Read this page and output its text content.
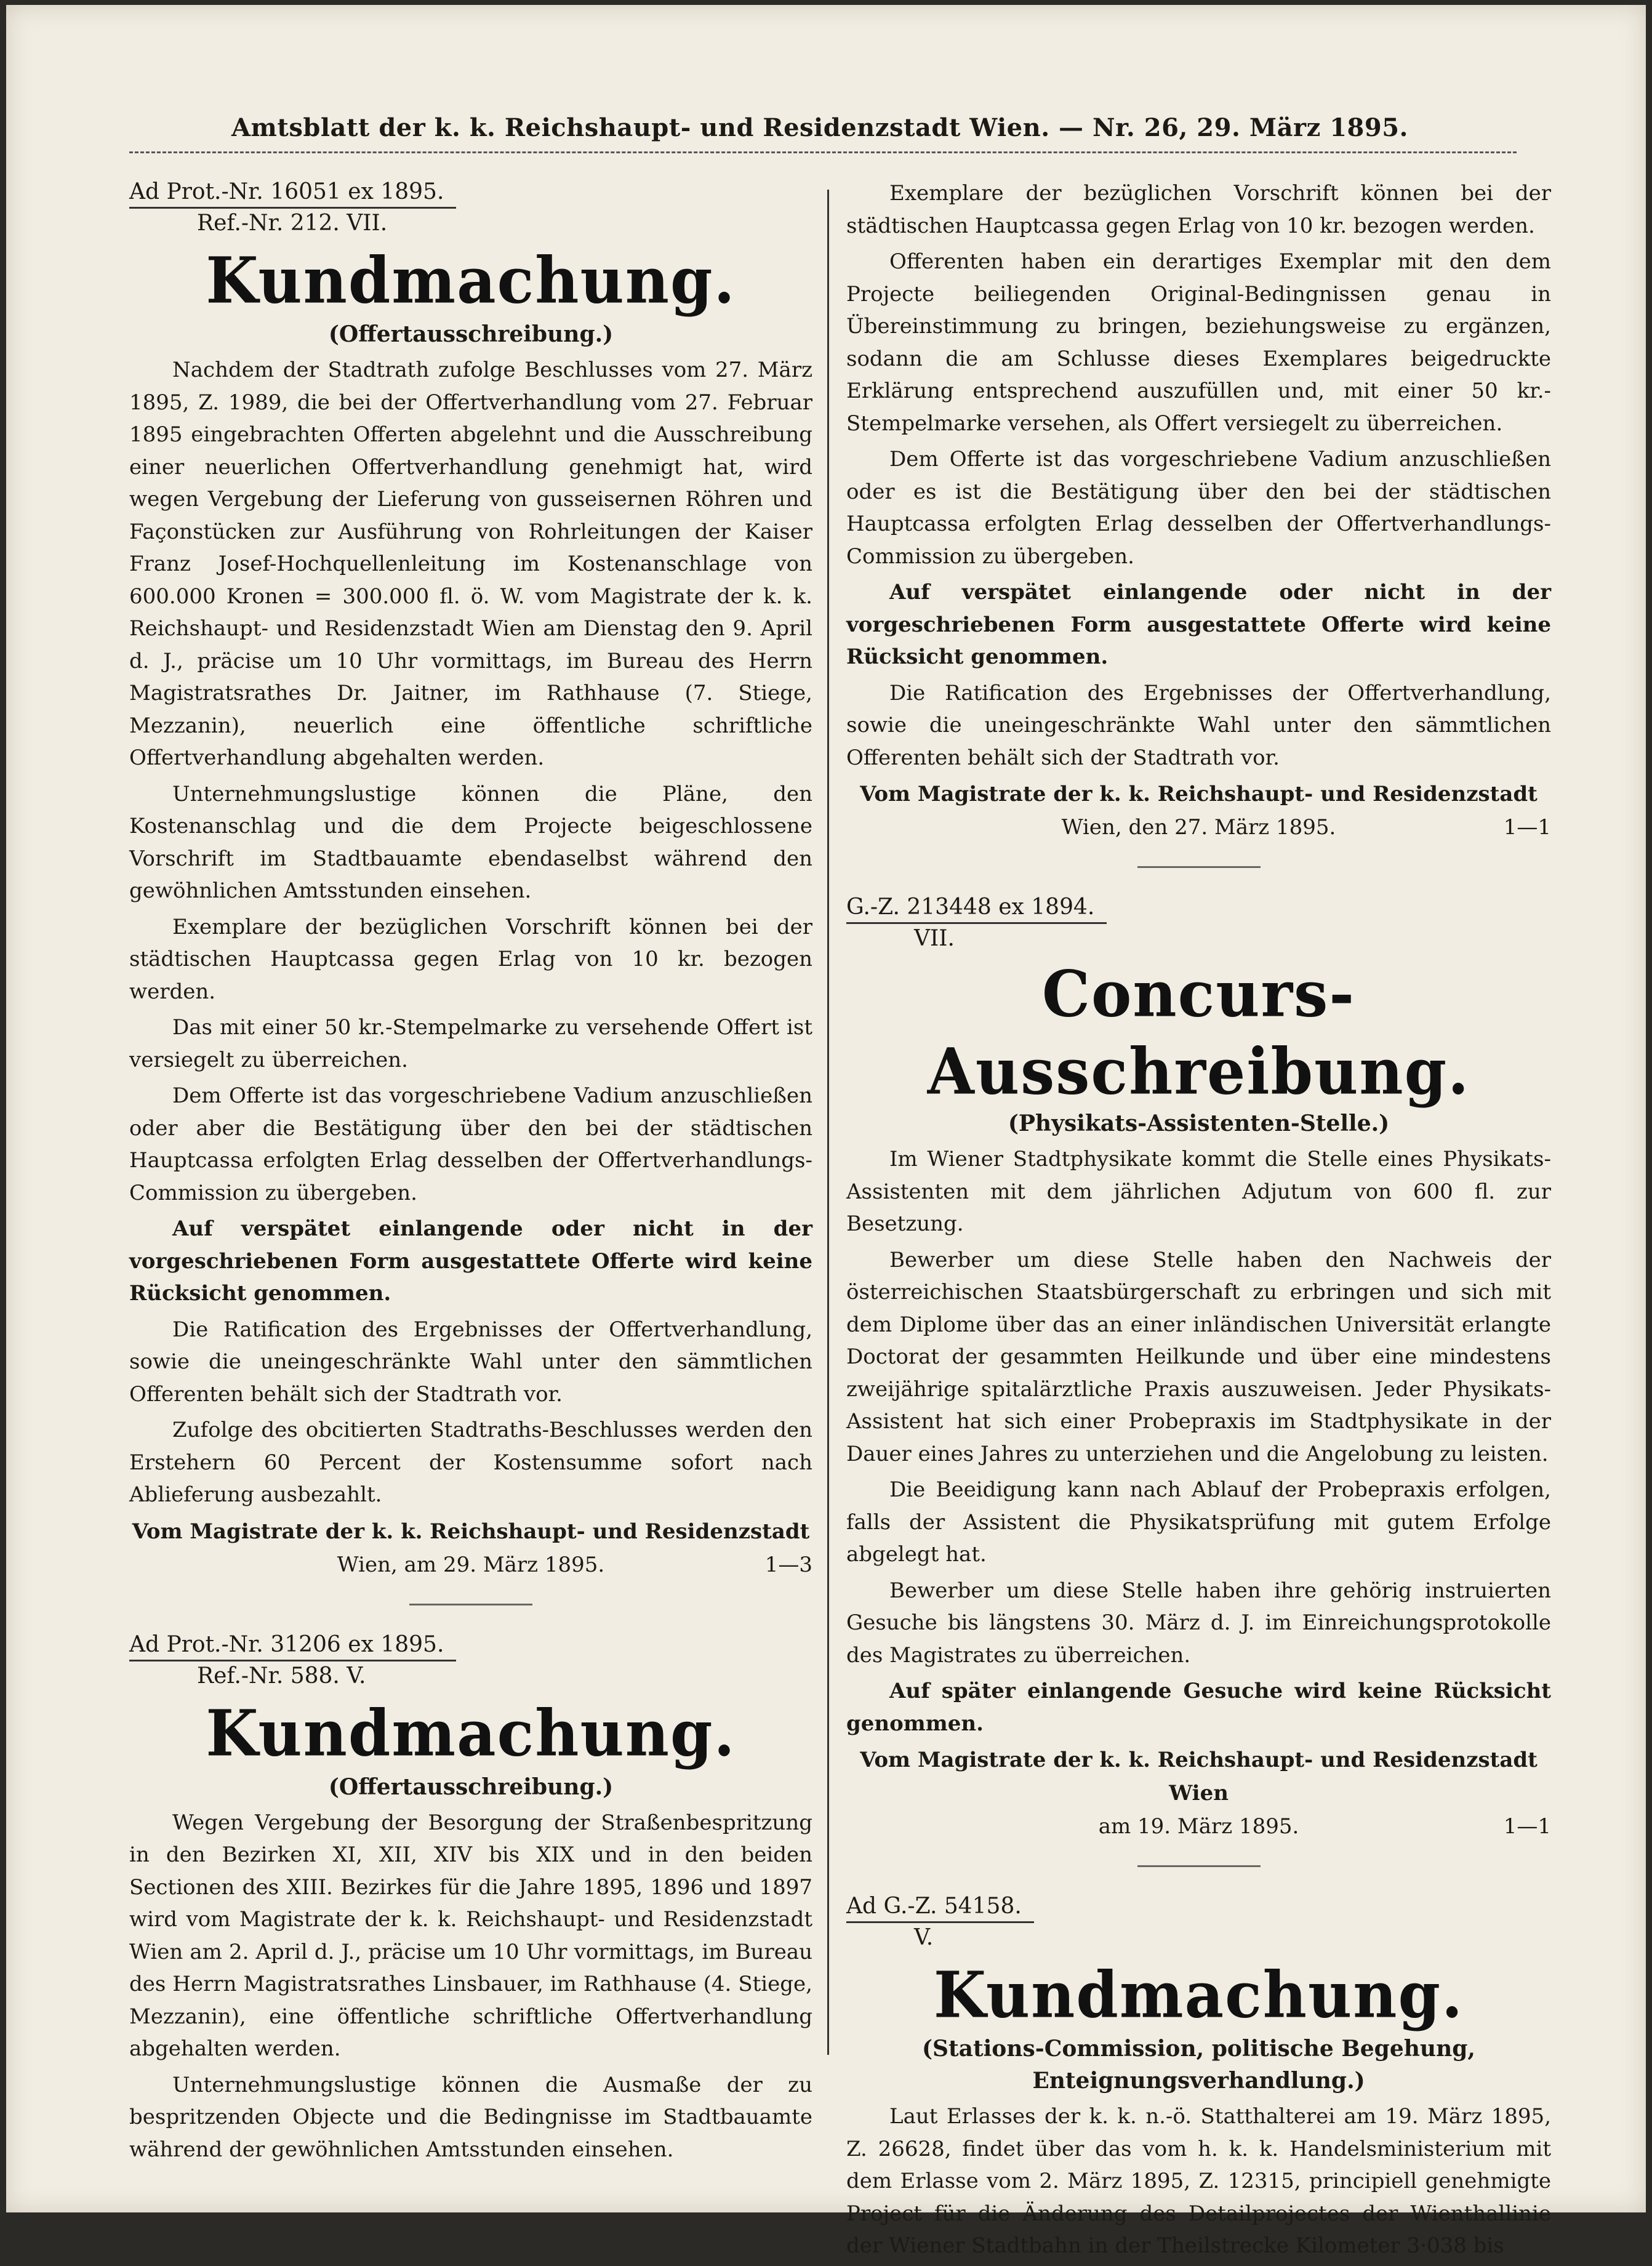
Amtsblatt der k. k. Reichshaupt- und Residenzstadt Wien. — Nr. 26, 29. März 1895.
Ad Prot.-Nr. 16051 ex 1895.
Ref.-Nr. 212. VII.
Kundmachung.
(Offertausschreibung.)

Nachdem der Stadtrath zufolge Beschlusses vom 27. März 1895, Z. 1989, die bei der Offertverhandlung vom 27. Februar 1895 eingebrachten Offerten abgelehnt und die Ausschreibung einer neuerlichen Offertverhandlung genehmigt hat, wird wegen Vergebung der Lieferung von gusseisernen Röhren und Façonstücken zur Ausführung von Rohrleitungen der Kaiser Franz Josef-Hochquellenleitung im Kostenanschlage von 600.000 Kronen = 300.000 fl. ö. W. vom Magistrate der k. k. Reichshaupt- und Residenzstadt Wien am Dienstag den 9. April d. J., präcise um 10 Uhr vormittags, im Bureau des Herrn Magistratsrathes Dr. Jaitner, im Rathhause (7. Stiege, Mezzanin), neuerlich eine öffentliche schriftliche Offertverhandlung abgehalten werden.

Unternehmungslustige können die Pläne, den Kostenanschlag und die dem Projecte beigeschlossene Vorschrift im Stadtbauamte ebendaselbst während den gewöhnlichen Amtsstunden einsehen.

Exemplare der bezüglichen Vorschrift können bei der städtischen Hauptcassa gegen Erlag von 10 kr. bezogen werden.

Das mit einer 50 kr.-Stempelmarke zu versehende Offert ist versiegelt zu überreichen.

Dem Offerte ist das vorgeschriebene Vadium anzuschließen oder aber die Bestätigung über den bei der städtischen Hauptcassa erfolgten Erlag desselben der Offertverhandlungs-Commission zu übergeben.

Auf verspätet einlangende oder nicht in der vorgeschriebenen Form ausgestattete Offerte wird keine Rücksicht genommen.

Die Ratification des Ergebnisses der Offertverhandlung, sowie die uneingeschränkte Wahl unter den sämmtlichen Offerenten behält sich der Stadtrath vor.

Zufolge des obcitierten Stadtraths-Beschlusses werden den Erstehern 60 Percent der Kostensumme sofort nach Ablieferung ausbezahlt.

Vom Magistrate der k. k. Reichshaupt- und Residenzstadt
Wien, am 29. März 1895.	1—3
Ad Prot.-Nr. 31206 ex 1895.
Ref.-Nr. 588. V.
Kundmachung.
(Offertausschreibung.)

Wegen Vergebung der Besorgung der Straßenbespritzung in den Bezirken XI, XII, XIV bis XIX und in den beiden Sectionen des XIII. Bezirkes für die Jahre 1895, 1896 und 1897 wird vom Magistrate der k. k. Reichshaupt- und Residenzstadt Wien am 2. April d. J., präcise um 10 Uhr vormittags, im Bureau des Herrn Magistratsrathes Linsbauer, im Rathhause (4. Stiege, Mezzanin), eine öffentliche schriftliche Offertverhandlung abgehalten werden.

Unternehmungslustige können die Ausmaße der zu bespritzenden Objecte und die Bedingnisse im Stadtbauamte während der gewöhnlichen Amtsstunden einsehen.

Exemplare der bezüglichen Vorschrift können bei der städtischen Hauptcassa gegen Erlag von 10 kr. bezogen werden.

Offerenten haben ein derartiges Exemplar mit den dem Projecte beiliegenden Original-Bedingnissen genau in Übereinstimmung zu bringen, beziehungsweise zu ergänzen, sodann die am Schlusse dieses Exemplares beigedruckte Erklärung entsprechend auszufüllen und, mit einer 50 kr.-Stempelmarke versehen, als Offert versiegelt zu überreichen.

Dem Offerte ist das vorgeschriebene Vadium anzuschließen oder es ist die Bestätigung über den bei der städtischen Hauptcassa erfolgten Erlag desselben der Offertverhandlungs-Commission zu übergeben.

Auf verspätet einlangende oder nicht in der vorgeschriebenen Form ausgestattete Offerte wird keine Rücksicht genommen.

Die Ratification des Ergebnisses der Offertverhandlung, sowie die uneingeschränkte Wahl unter den sämmtlichen Offerenten behält sich der Stadtrath vor.

Vom Magistrate der k. k. Reichshaupt- und Residenzstadt
Wien, den 27. März 1895.	1—1
G.-Z. 213448 ex 1894.
VII.
Concurs-Ausschreibung.
(Physikats-Assistenten-Stelle.)

Im Wiener Stadtphysikate kommt die Stelle eines Physikats-Assistenten mit dem jährlichen Adjutum von 600 fl. zur Besetzung.

Bewerber um diese Stelle haben den Nachweis der österreichischen Staatsbürgerschaft zu erbringen und sich mit dem Diplome über das an einer inländischen Universität erlangte Doctorat der gesammten Heilkunde und über eine mindestens zweijährige spitalärztliche Praxis auszuweisen. Jeder Physikats-Assistent hat sich einer Probepraxis im Stadtphysikate in der Dauer eines Jahres zu unterziehen und die Angelobung zu leisten.

Die Beeidigung kann nach Ablauf der Probepraxis erfolgen, falls der Assistent die Physikatsprüfung mit gutem Erfolge abgelegt hat.

Bewerber um diese Stelle haben ihre gehörig instruierten Gesuche bis längstens 30. März d. J. im Einreichungsprotokolle des Magistrates zu überreichen.

Auf später einlangende Gesuche wird keine Rücksicht genommen.

Vom Magistrate der k. k. Reichshaupt- und Residenzstadt Wien
am 19. März 1895.	1—1
Ad G.-Z. 54158.
V.
Kundmachung.
(Stations-Commission, politische Begehung, Enteignungsverhandlung.)

Laut Erlasses der k. k. n.-ö. Statthalterei am 19. März 1895, Z. 26628, findet über das vom h. k. k. Handelsministerium mit dem Erlasse vom 2. März 1895, Z. 12315, principiell genehmigte Project für die Änderung des Detailprojectes der Wienthallinie der Wiener Stadtbahn in der Theilstrecke Kilometer 3·038 bis
